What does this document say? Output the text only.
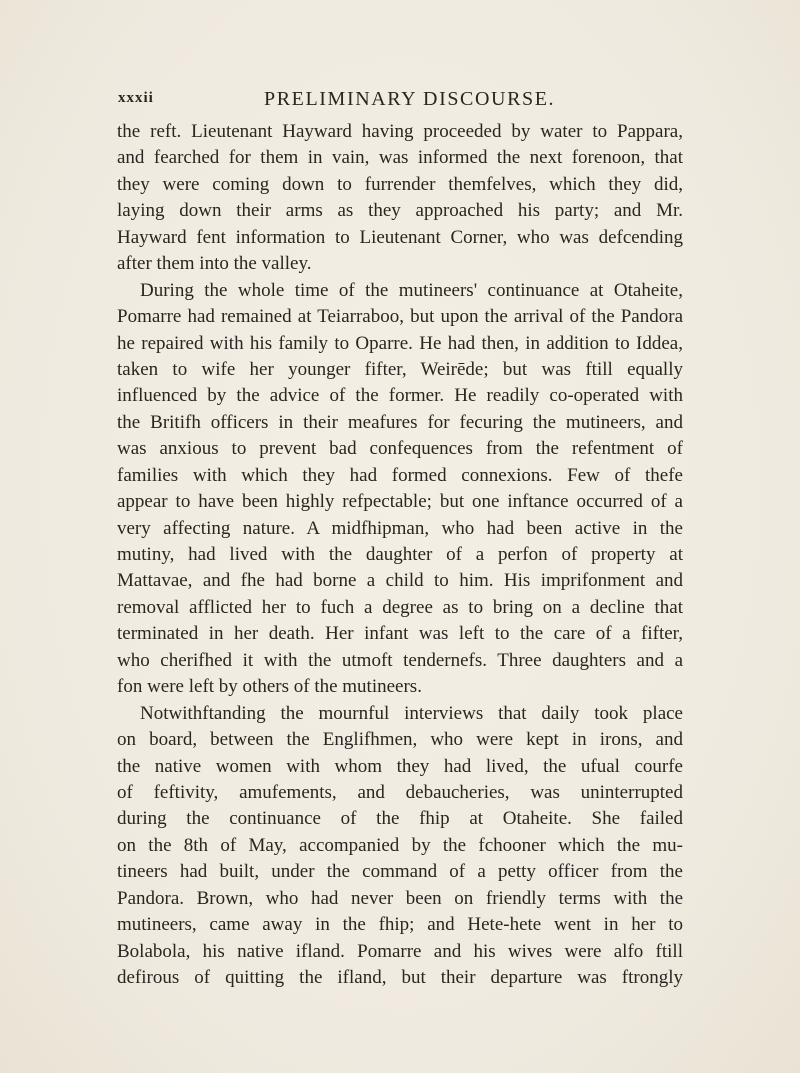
xxxii	PRELIMINARY DISCOURSE.
the reft. Lieutenant Hayward having proceeded by water to Pappara,
and fearched for them in vain, was informed the next forenoon, that
they were coming down to furrender themfelves, which they did,
laying down their arms as they approached his party; and Mr.
Hayward fent information to Lieutenant Corner, who was defcending
after them into the valley.
During the whole time of the mutineers' continuance at Otaheite,
Pomarre had remained at Teiarraboo, but upon the arrival of the Pandora
he repaired with his family to Oparre. He had then, in addition to Iddea,
taken to wife her younger fifter, Weirēde; but was ftill equally
influenced by the advice of the former. He readily co-operated with
the Britifh officers in their meafures for fecuring the mutineers, and
was anxious to prevent bad confequences from the refentment of
families with which they had formed connexions. Few of thefe
appear to have been highly refpectable; but one inftance occurred of a
very affecting nature. A midfhipman, who had been active in the
mutiny, had lived with the daughter of a perfon of property at
Mattavae, and fhe had borne a child to him. His imprifonment and
removal afflicted her to fuch a degree as to bring on a decline that
terminated in her death. Her infant was left to the care of a fifter,
who cherifhed it with the utmoft tendernefs. Three daughters and a
fon were left by others of the mutineers.
Notwithftanding the mournful interviews that daily took place
on board, between the Englifhmen, who were kept in irons, and
the native women with whom they had lived, the ufual courfe
of feftivity, amufements, and debaucheries, was uninterrupted
during the continuance of the fhip at Otaheite. She failed
on the 8th of May, accompanied by the fchooner which the mu-
tineers had built, under the command of a petty officer from the
Pandora. Brown, who had never been on friendly terms with the
mutineers, came away in the fhip; and Hete-hete went in her to
Bolabola, his native ifland. Pomarre and his wives were alfo ftill
defirous of quitting the ifland, but their departure was ftrongly
